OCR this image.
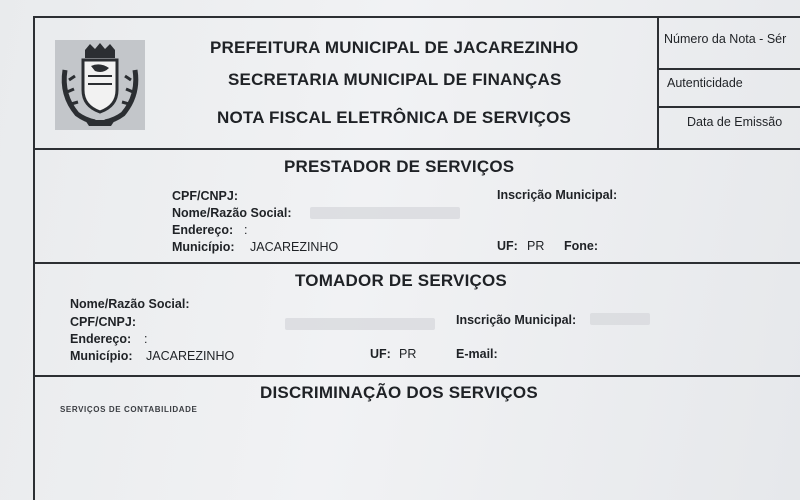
PREFEITURA MUNICIPAL DE JACAREZINHO
SECRETARIA MUNICIPAL DE FINANÇAS
NOTA FISCAL ELETRÔNICA DE SERVIÇOS
Número da Nota - Sér
Autenticidade
Data de Emissão
PRESTADOR DE SERVIÇOS
CPF/CNPJ:	Inscrição Municipal:
Nome/Razão Social:
Endereço: :
Município: JACAREZINHO	UF: PR Fone:
TOMADOR DE SERVIÇOS
Nome/Razão Social:
CPF/CNPJ:	Inscrição Municipal:
Endereço: :
Município: JACAREZINHO	UF: PR	E-mail:
DISCRIMINAÇÃO DOS SERVIÇOS
SERVIÇOS DE CONTABILIDADE
